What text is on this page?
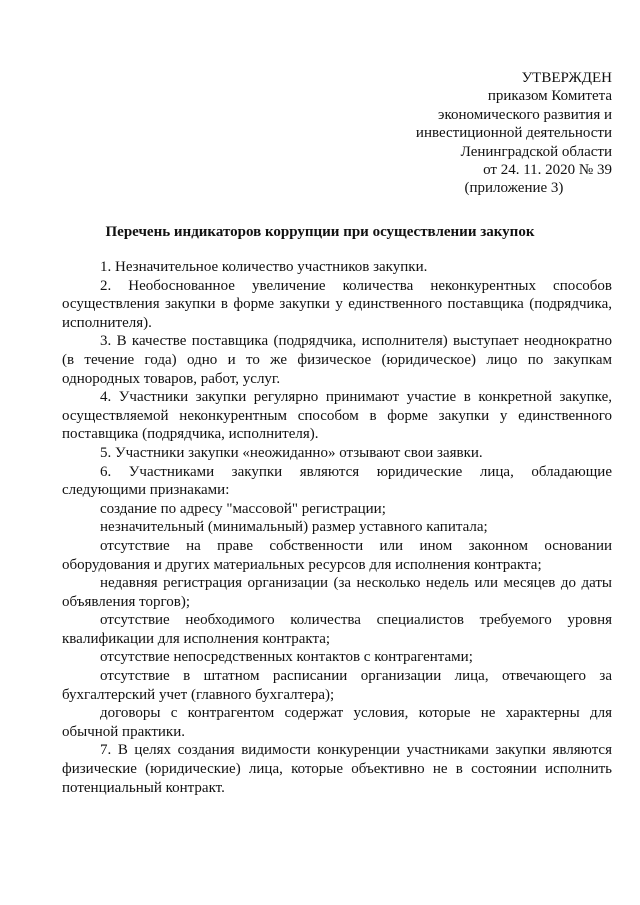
УТВЕРЖДЕН
приказом Комитета
экономического развития и
инвестиционной деятельности
Ленинградской области
от 24. 11. 2020 № 39
(приложение 3)
Перечень индикаторов коррупции при осуществлении закупок

1. Незначительное количество участников закупки.

2. Необоснованное увеличение количества неконкурентных способов осуществления закупки в форме закупки у единственного поставщика (подрядчика, исполнителя).

3. В качестве поставщика (подрядчика, исполнителя) выступает неоднократно (в течение года) одно и то же физическое (юридическое) лицо по закупкам однородных товаров, работ, услуг.

4. Участники закупки регулярно принимают участие в конкретной закупке, осуществляемой неконкурентным способом в форме закупки у единственного поставщика (подрядчика, исполнителя).

5. Участники закупки «неожиданно» отзывают свои заявки.

6. Участниками закупки являются юридические лица, обладающие следующими признаками:

создание по адресу "массовой" регистрации;

незначительный (минимальный) размер уставного капитала;

отсутствие на праве собственности или ином законном основании оборудования и других материальных ресурсов для исполнения контракта;

недавняя регистрация организации (за несколько недель или месяцев до даты объявления торгов);

отсутствие необходимого количества специалистов требуемого уровня квалификации для исполнения контракта;

отсутствие непосредственных контактов с контрагентами;

отсутствие в штатном расписании организации лица, отвечающего за бухгалтерский учет (главного бухгалтера);

договоры с контрагентом содержат условия, которые не характерны для обычной практики.

7. В целях создания видимости конкуренции участниками закупки являются физические (юридические) лица, которые объективно не в состоянии исполнить потенциальный контракт.
